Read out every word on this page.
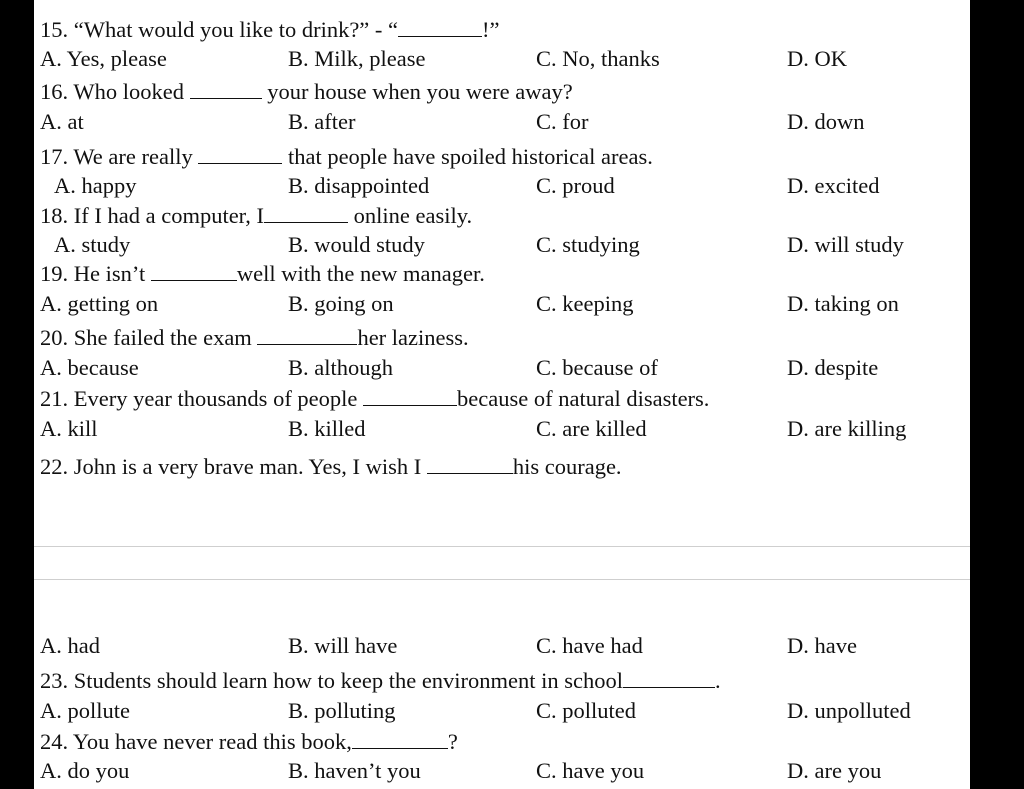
15. “What would you like to drink?” - “	!”
A. Yes, please	B. Milk, please	C. No, thanks	D. OK
16. Who looked	your house when you were away?
A. at	B. after	C. for	D. down
17. We are really	that people have spoiled historical areas.
A. happy	B. disappointed	C. proud	D. excited
18. If I had a computer, I	online easily.
A. study	B. would study	C. studying	D. will study
19. He isn’t	well with the new manager.
A. getting on	B. going on	C. keeping	D. taking on
20. She failed the exam	her laziness.
A. because	B. although	C. because of	D. despite
21. Every year thousands of people	because of natural disasters.
A. kill	B. killed	C. are killed	D. are killing
22. John is a very brave man. Yes, I wish I	his courage.
A. had	B. will have	C. have had	D. have
23. Students should learn how to keep the environment in school	.
A. pollute	B. polluting	C. polluted	D. unpolluted
24. You have never read this book,	?
A. do you	B. haven’t you	C. have you	D. are you
